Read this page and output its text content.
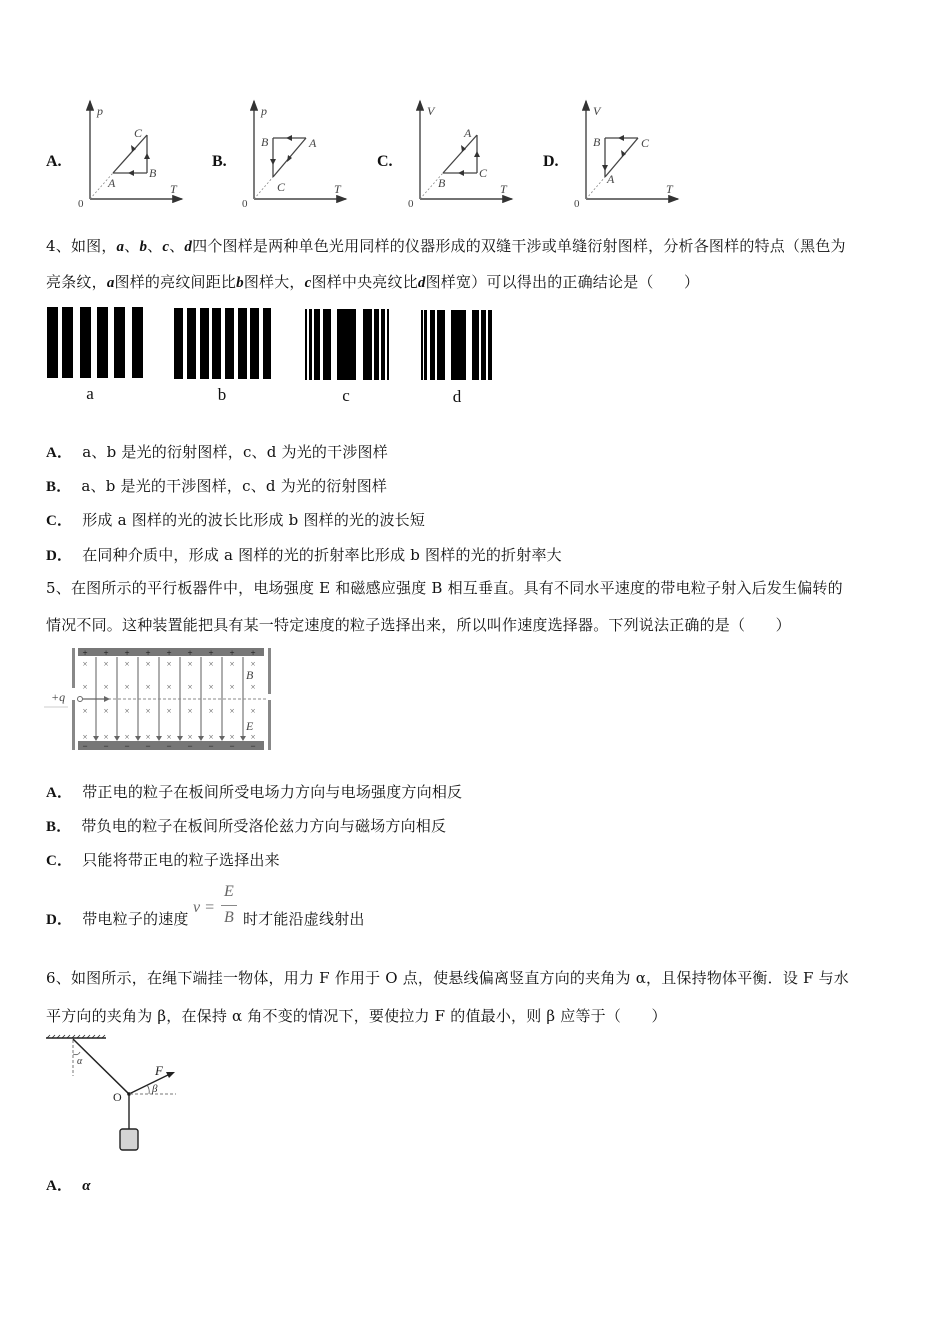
A.
p
T
0
A
B
C
B.
p
T
0
B	A
C
C.
V
T
0
A
B
C
D.
V
T
0
B	C
A
4、如图，a、b、c、d四个图样是两种单色光用同样的仪器形成的双缝干涉或单缝衍射图样，分析各图样的特点（黑色为
亮条纹，a图样的亮纹间距比b图样大，c图样中央亮纹比d图样宽）可以得出的正确结论是（　　）
a	b	c	d
A． a、b 是光的衍射图样，c、d 为光的干涉图样
B． a、b 是光的干涉图样，c、d 为光的衍射图样
C． 形成 a 图样的光的波长比形成 b 图样的光的波长短
D． 在同种介质中，形成 a 图样的光的折射率比形成 b 图样的光的折射率大
5、在图所示的平行板器件中，电场强度 E 和磁感应强度 B 相互垂直。具有不同水平速度的带电粒子射入后发生偏转的
情况不同。这种装置能把具有某一特定速度的粒子选择出来，所以叫作速度选择器。下列说法正确的是（　　）
+ + + + + + + + +
− − − − − − − − −
× × × × × × × × ×
× × × × × × × × ×
× × × × × × × × ×
× × × × × × × × ×
+q
B
E
A． 带正电的粒子在板间所受电场力方向与电场强度方向相反
B． 带负电的粒子在板间所受洛伦兹力方向与磁场方向相反
C． 只能将带正电的粒子选择出来
D． 带电粒子的速度
v =
E
B 时才能沿虚线射出
6、如图所示，在绳下端挂一物体，用力 F 作用于 O 点，使悬线偏离竖直方向的夹角为 α，且保持物体平衡．设 F 与水
平方向的夹角为 β，在保持 α 角不变的情况下，要使拉力 F 的值最小，则 β 应等于（　　）
α
F
β
O
A． α
